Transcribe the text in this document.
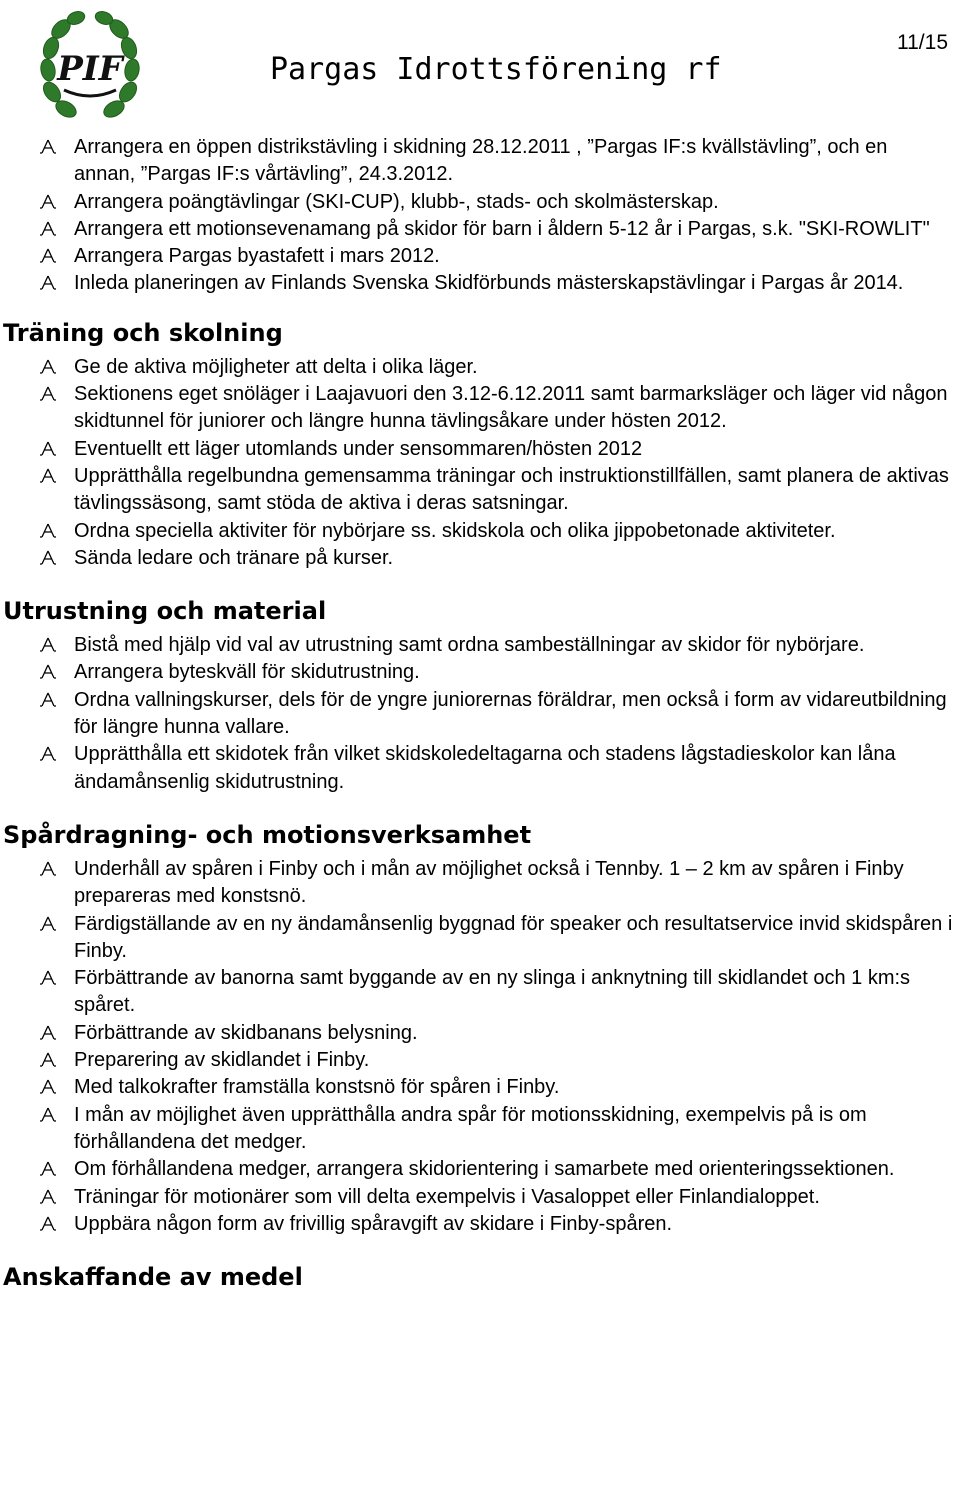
PIF	Pargas Idrottsförening rf
11/15
Arrangera en öppen distrikstävling i skidning 28.12.2011 , ”Pargas IF:s kvällstävling”, och en annan, ”Pargas IF:s vårtävling”, 24.3.2012.
Arrangera poängtävlingar (SKI-CUP), klubb-, stads- och skolmästerskap.
Arrangera ett motionsevenamang på skidor för barn i åldern 5-12 år i Pargas, s.k. "SKI-ROWLIT"
Arrangera Pargas byastafett i mars 2012.
Inleda planeringen av Finlands Svenska Skidförbunds mästerskapstävlingar i Pargas år 2014.
Träning och skolning
Ge de aktiva möjligheter att delta i olika läger.
Sektionens eget snöläger i Laajavuori den 3.12-6.12.2011 samt barmarksläger och läger vid någon skidtunnel för juniorer och längre hunna tävlingsåkare under hösten 2012.
Eventuellt ett läger utomlands under sensommaren/hösten 2012
Upprätthålla regelbundna gemensamma träningar och instruktionstillfällen, samt planera de aktivas tävlingssäsong, samt stöda de aktiva i deras satsningar.
Ordna speciella aktiviter för nybörjare ss. skidskola och olika jippobetonade aktiviteter.
Sända ledare och tränare på kurser.
Utrustning och material
Bistå med hjälp vid val av utrustning samt ordna sambeställningar av skidor för nybörjare.
Arrangera byteskväll för skidutrustning.
Ordna vallningskurser, dels för de yngre juniorernas föräldrar, men också i form av vidareutbildning för längre hunna vallare.
Upprätthålla ett skidotek från vilket skidskoledeltagarna och stadens lågstadieskolor kan låna ändamånsenlig skidutrustning.
Spårdragning- och motionsverksamhet
Underhåll av spåren i Finby och i mån av möjlighet också i Tennby. 1 – 2 km av spåren i Finby prepareras med konstsnö.
Färdigställande av en ny ändamånsenlig byggnad för speaker och resultatservice invid skidspåren i Finby.
Förbättrande av banorna samt byggande av en ny slinga i anknytning till skidlandet och 1 km:s spåret.
Förbättrande av skidbanans belysning.
Preparering av skidlandet i Finby.
Med talkokrafter framställa konstsnö för spåren i Finby.
I mån av möjlighet även upprätthålla andra spår för motionsskidning, exempelvis på is om förhållandena det medger.
Om förhållandena medger, arrangera skidorientering i samarbete med orienteringssektionen.
Träningar för motionärer som vill delta exempelvis i Vasaloppet eller Finlandialoppet.
Uppbära någon form av frivillig spåravgift av skidare i Finby-spåren.
Anskaffande av medel
